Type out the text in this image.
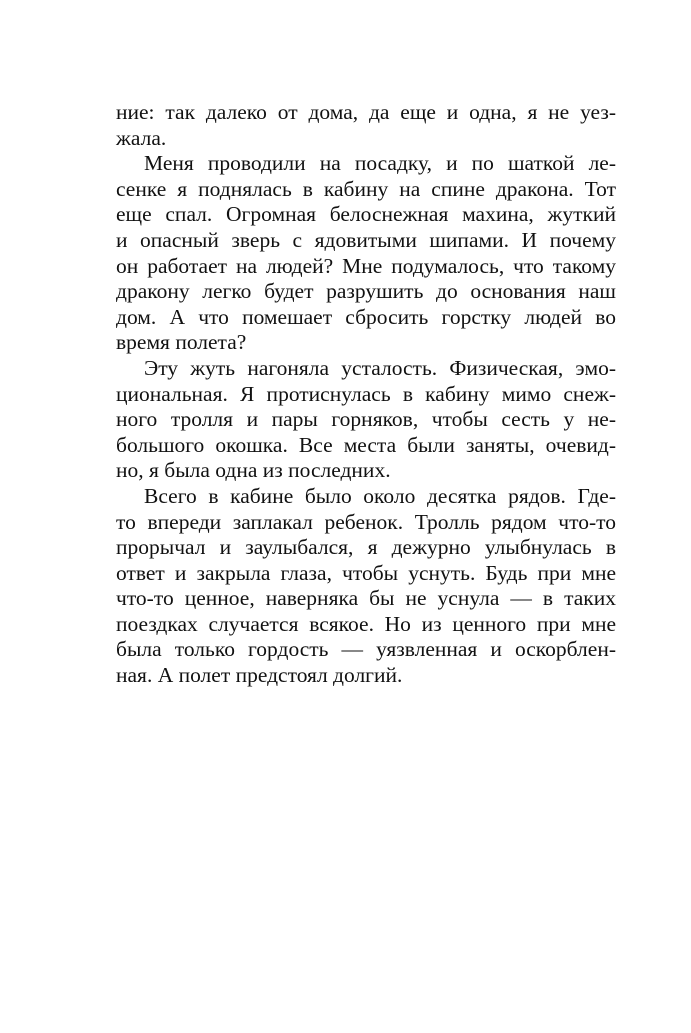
ние: так далеко от дома, да еще и одна, я не уез-
жала.
Меня проводили на посадку, и по шаткой ле-
сенке я поднялась в кабину на спине дракона. Тот
еще спал. Огромная белоснежная махина, жуткий
и опасный зверь с ядовитыми шипами. И почему
он работает на людей? Мне подумалось, что такому
дракону легко будет разрушить до основания наш
дом. А что помешает сбросить горстку людей во
время полета?
Эту жуть нагоняла усталость. Физическая, эмо-
циональная. Я протиснулась в кабину мимо снеж-
ного тролля и пары горняков, чтобы сесть у не-
большого окошка. Все места были заняты, очевид-
но, я была одна из последних.
Всего в кабине было около десятка рядов. Где-
то впереди заплакал ребенок. Тролль рядом что-то
прорычал и заулыбался, я дежурно улыбнулась в
ответ и закрыла глаза, чтобы уснуть. Будь при мне
что-то ценное, наверняка бы не уснула — в таких
поездках случается всякое. Но из ценного при мне
была только гордость — уязвленная и оскорблен-
ная. А полет предстоял долгий.
